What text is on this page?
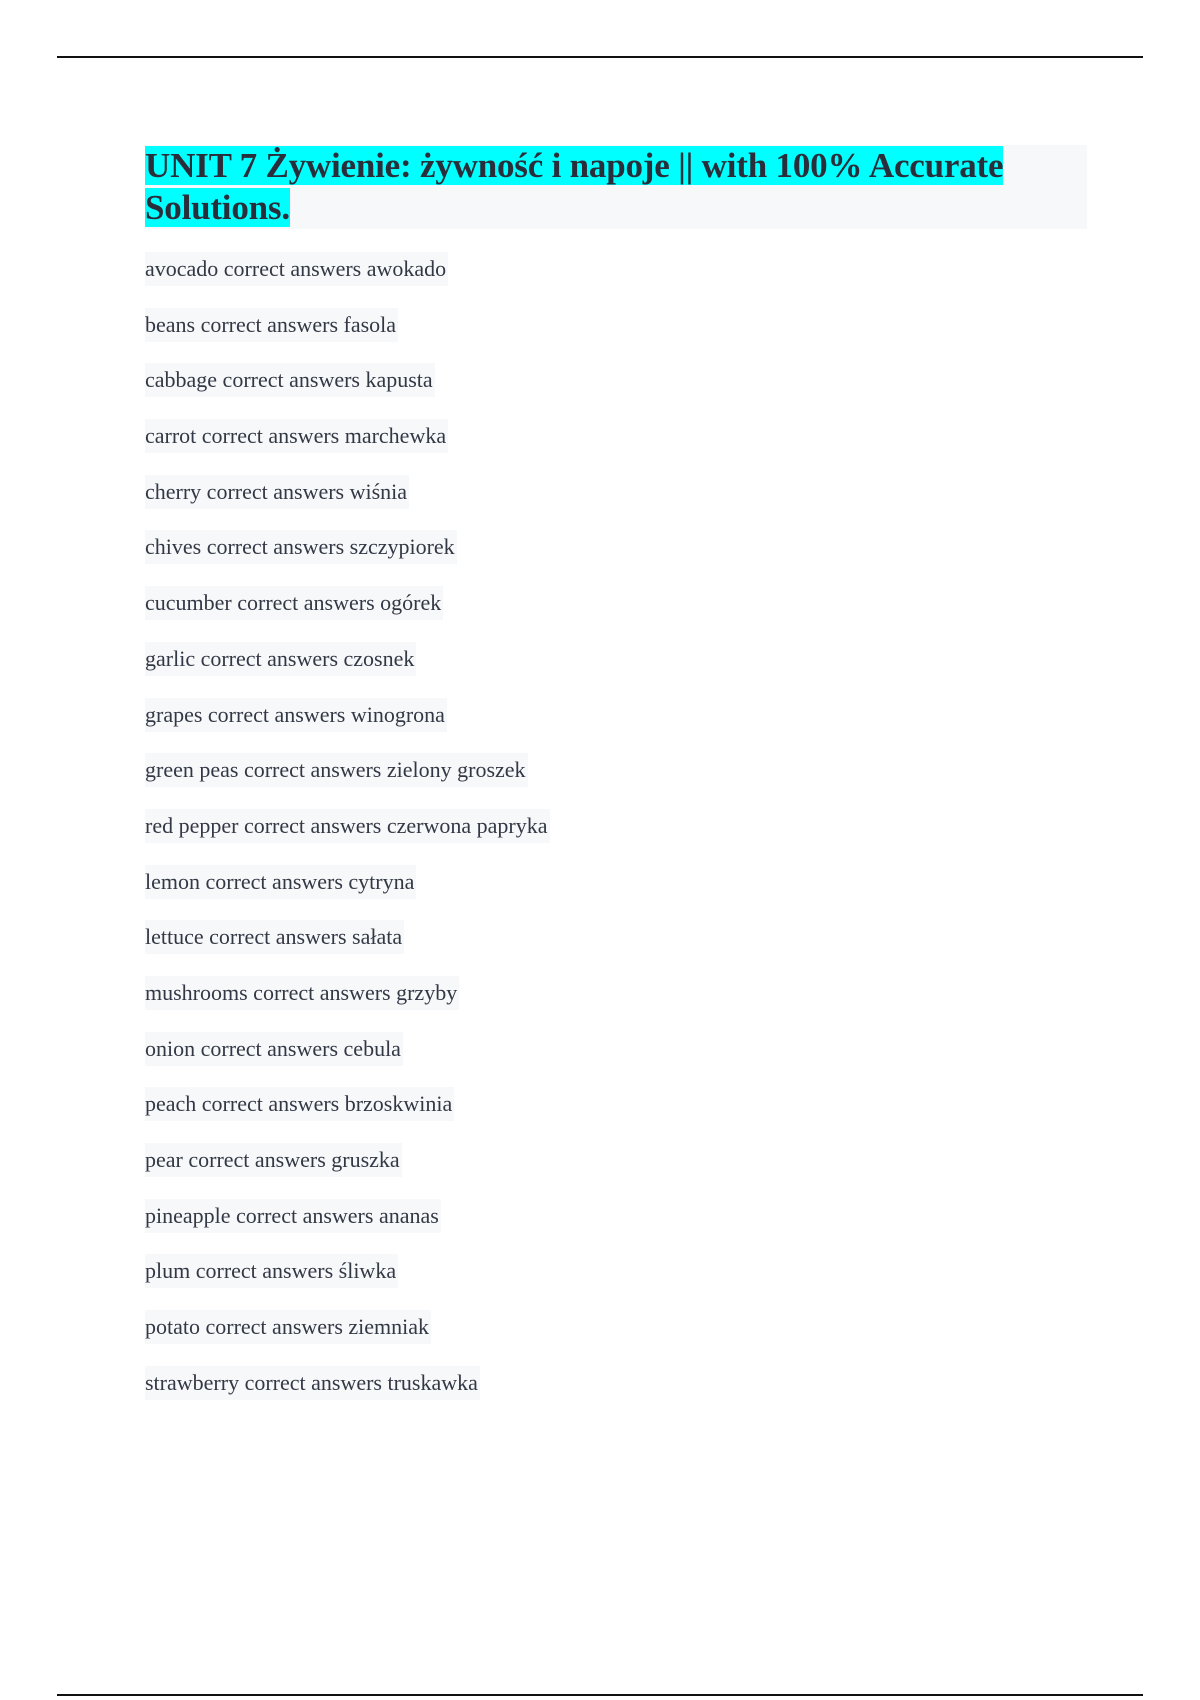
UNIT 7 Żywienie: żywność i napoje || with 100% Accurate Solutions.
avocado correct answers awokado
beans correct answers fasola
cabbage correct answers kapusta
carrot correct answers marchewka
cherry correct answers wiśnia
chives correct answers szczypiorek
cucumber correct answers ogórek
garlic correct answers czosnek
grapes correct answers winogrona
green peas correct answers zielony groszek
red pepper correct answers czerwona papryka
lemon correct answers cytryna
lettuce correct answers sałata
mushrooms correct answers grzyby
onion correct answers cebula
peach correct answers brzoskwinia
pear correct answers gruszka
pineapple correct answers ananas
plum correct answers śliwka
potato correct answers ziemniak
strawberry correct answers truskawka
